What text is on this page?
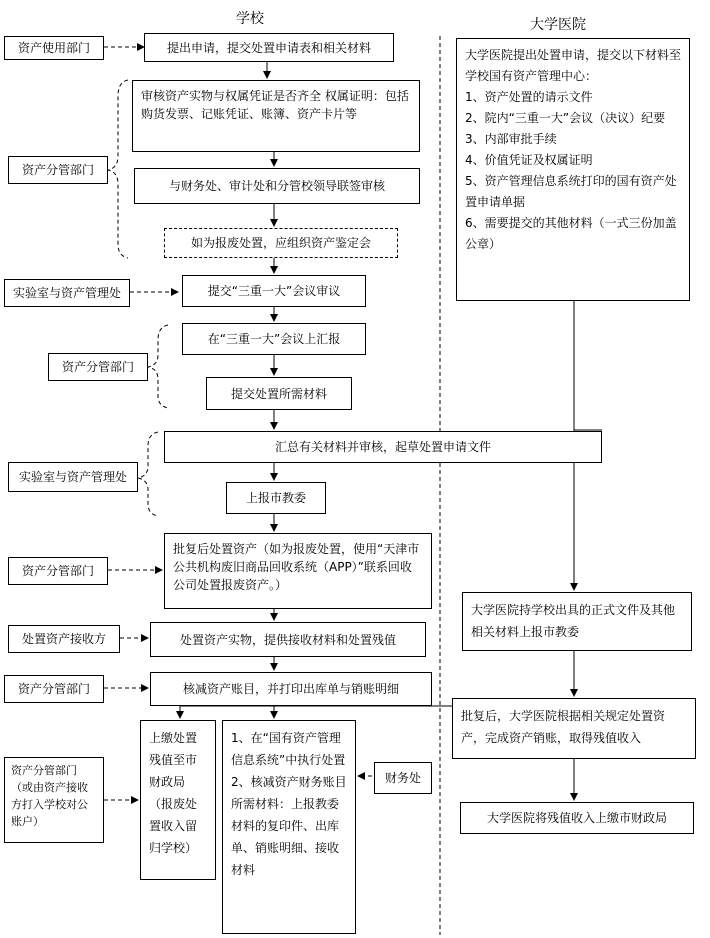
学校	大学医院
资产使用部门
资产分管部门
实验室与资产管理处
资产分管部门
实验室与资产管理处
资产分管部门
处置资产接收方
资产分管部门
资产分管部门（或由资产接收方打入学校对公账户）
提出申请，提交处置申请表和相关材料
审核资产实物与权属凭证是否齐全 权属证明：包括购货发票、记账凭证、账簿、资产卡片等
与财务处、审计处和分管校领导联签审核
如为报废处置，应组织资产鉴定会
提交“三重一大”会议审议
在“三重一大”会议上汇报
提交处置所需材料
汇总有关材料并审核，起草处置申请文件
上报市教委
批复后处置资产（如为报废处置，使用“天津市公共机构废旧商品回收系统（APP）”联系回收公司处置报废资产。）
处置资产实物，提供接收材料和处置残值
核减资产账目，并打印出库单与销账明细
上缴处置残值至市财政局（报废处置收入留归学校）
1、在“国有资产管理信息系统”中执行处置 2、核减资产财务账目 所需材料：上报教委材料的复印件、出库单、销账明细、接收材料
财务处
大学医院提出处置申请，提交以下材料至学校国有资产管理中心：
1、资产处置的请示文件
2、院内“三重一大”会议（决议）纪要
3、内部审批手续
4、价值凭证及权属证明
5、资产管理信息系统打印的国有资产处置申请单据
6、需要提交的其他材料（一式三份加盖公章）
大学医院持学校出具的正式文件及其他相关材料上报市教委
批复后，大学医院根据相关规定处置资产，完成资产销账，取得残值收入
大学医院将残值收入上缴市财政局
